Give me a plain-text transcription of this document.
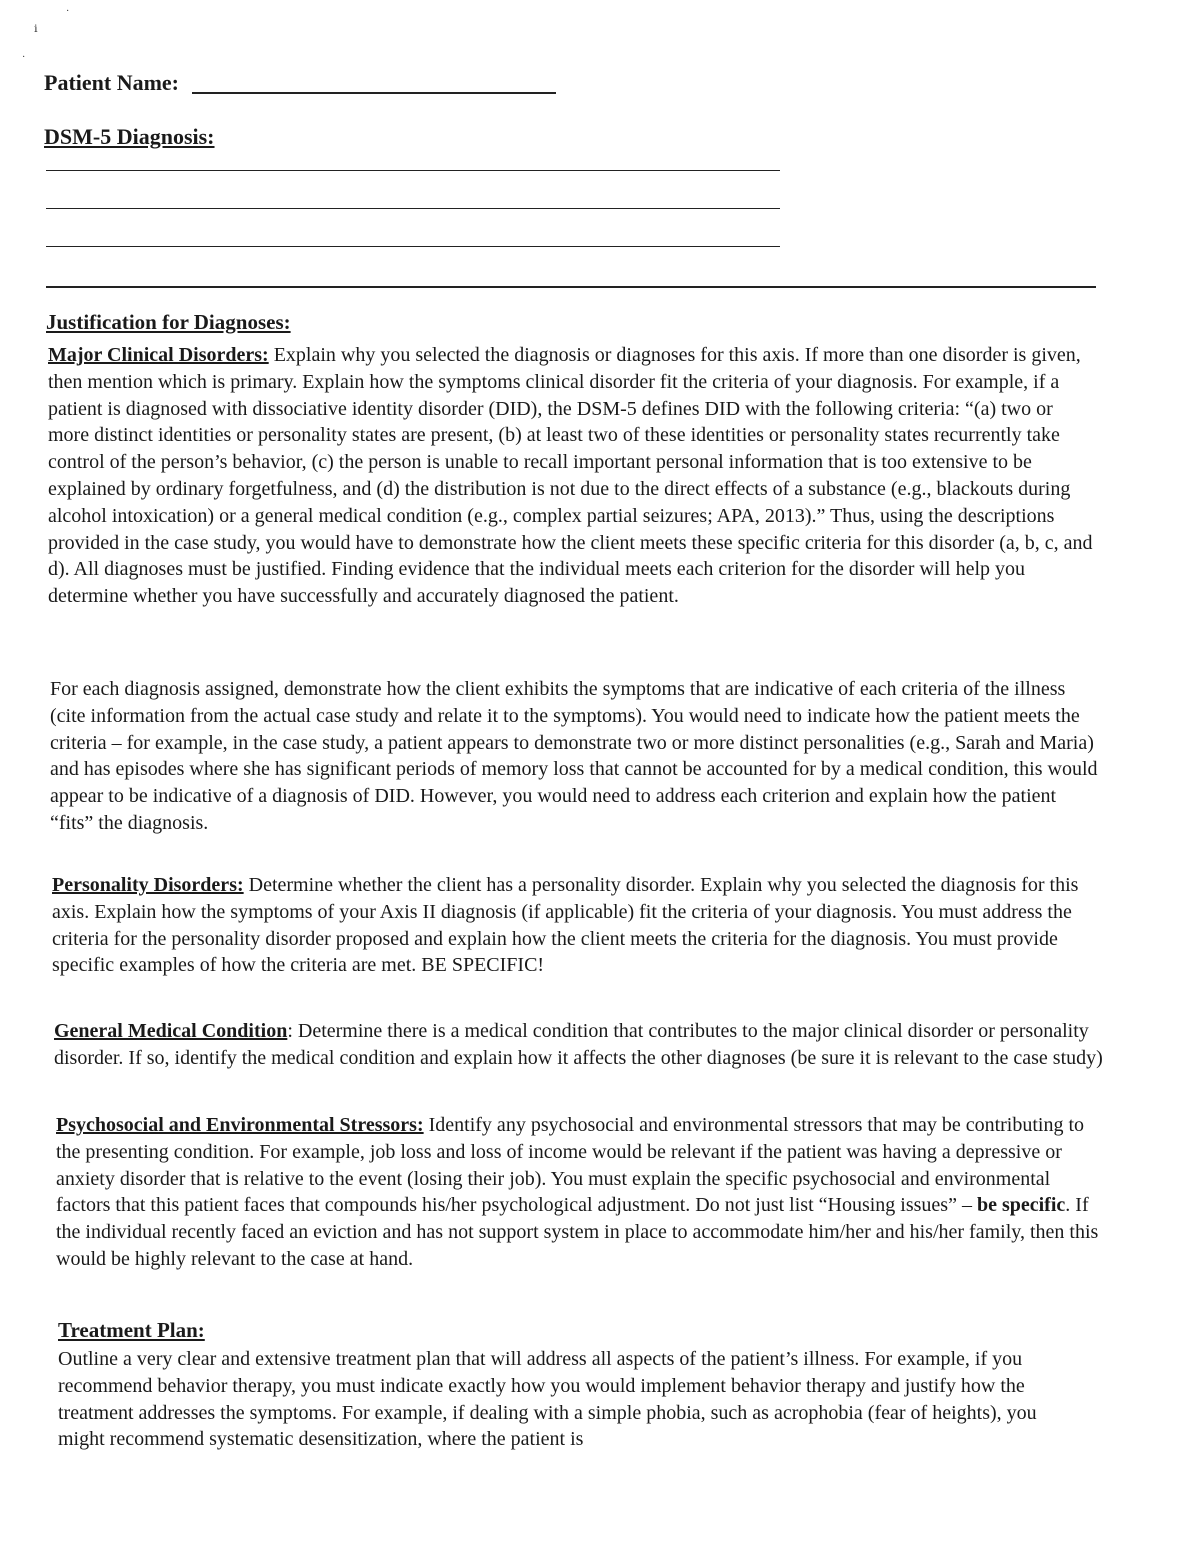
ⁱ
·
·
Patient Name:
DSM-5 Diagnosis:
Justification for Diagnoses:
Major Clinical Disorders: Explain why you selected the diagnosis or diagnoses for this axis. If more than one disorder is given, then mention which is primary. Explain how the symptoms clinical disorder fit the criteria of your diagnosis. For example, if a patient is diagnosed with dissociative identity disorder (DID), the DSM-5 defines DID with the following criteria: “(a) two or more distinct identities or personality states are present, (b) at least two of these identities or personality states recurrently take control of the person’s behavior, (c) the person is unable to recall important personal information that is too extensive to be explained by ordinary forgetfulness, and (d) the distribution is not due to the direct effects of a substance (e.g., blackouts during alcohol intoxication) or a general medical condition (e.g., complex partial seizures; APA, 2013).” Thus, using the descriptions provided in the case study, you would have to demonstrate how the client meets these specific criteria for this disorder (a, b, c, and d). All diagnoses must be justified. Finding evidence that the individual meets each criterion for the disorder will help you determine whether you have successfully and accurately diagnosed the patient.
For each diagnosis assigned, demonstrate how the client exhibits the symptoms that are indicative of each criteria of the illness (cite information from the actual case study and relate it to the symptoms). You would need to indicate how the patient meets the criteria – for example, in the case study, a patient appears to demonstrate two or more distinct personalities (e.g., Sarah and Maria) and has episodes where she has significant periods of memory loss that cannot be accounted for by a medical condition, this would appear to be indicative of a diagnosis of DID. However, you would need to address each criterion and explain how the patient “fits” the diagnosis.
Personality Disorders: Determine whether the client has a personality disorder. Explain why you selected the diagnosis for this axis. Explain how the symptoms of your Axis II diagnosis (if applicable) fit the criteria of your diagnosis. You must address the criteria for the personality disorder proposed and explain how the client meets the criteria for the diagnosis. You must provide specific examples of how the criteria are met. BE SPECIFIC!
General Medical Condition: Determine there is a medical condition that contributes to the major clinical disorder or personality disorder. If so, identify the medical condition and explain how it affects the other diagnoses (be sure it is relevant to the case study)
Psychosocial and Environmental Stressors: Identify any psychosocial and environmental stressors that may be contributing to the presenting condition. For example, job loss and loss of income would be relevant if the patient was having a depressive or anxiety disorder that is relative to the event (losing their job). You must explain the specific psychosocial and environmental factors that this patient faces that compounds his/her psychological adjustment. Do not just list “Housing issues” – be specific. If the individual recently faced an eviction and has not support system in place to accommodate him/her and his/her family, then this would be highly relevant to the case at hand.
Treatment Plan:
Outline a very clear and extensive treatment plan that will address all aspects of the patient’s illness. For example, if you recommend behavior therapy, you must indicate exactly how you would implement behavior therapy and justify how the treatment addresses the symptoms. For example, if dealing with a simple phobia, such as acrophobia (fear of heights), you might recommend systematic desensitization, where the patient is
